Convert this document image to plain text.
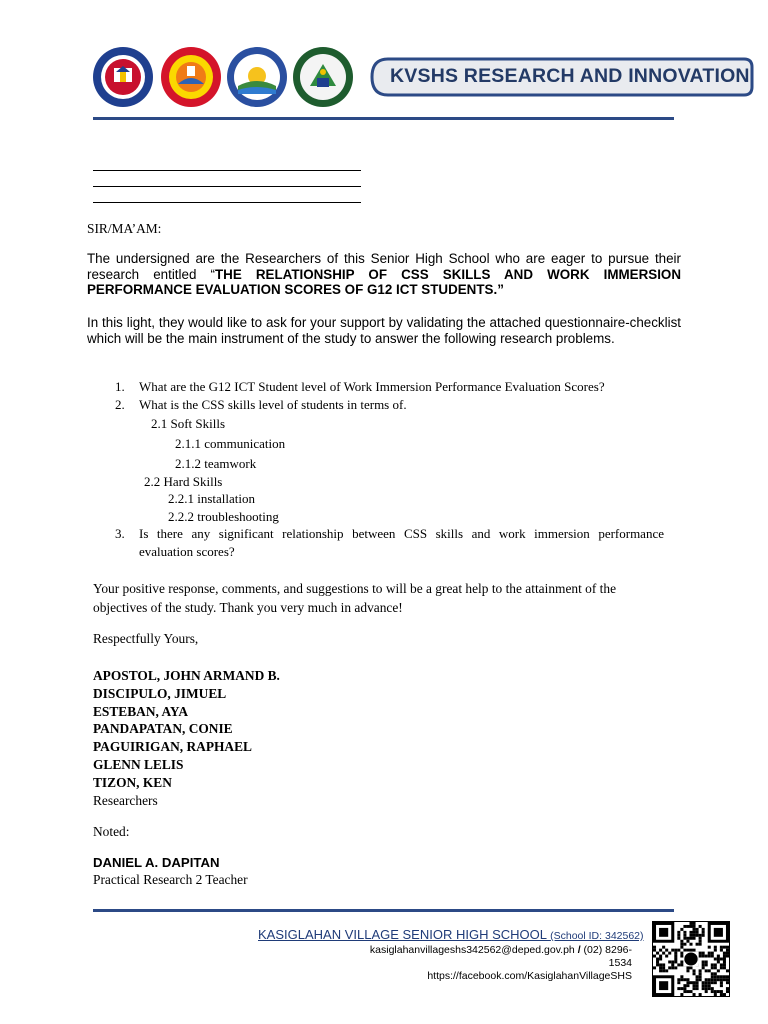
KVSHS RESEARCH AND INNOVATION
SIR/MA’AM:
The undersigned are the Researchers of this Senior High School who are eager to pursue their research entitled “THE RELATIONSHIP OF CSS SKILLS AND WORK IMMERSION PERFORMANCE EVALUATION SCORES OF G12 ICT STUDENTS.”
In this light, they would like to ask for your support by validating the attached questionnaire-checklist which will be the main instrument of the study to answer the following research problems.
1. What are the G12 ICT Student level of Work Immersion Performance Evaluation Scores?
2. What is the CSS skills level of students in terms of.
2.1 Soft Skills
2.1.1 communication
2.1.2 teamwork
2.2 Hard Skills
2.2.1 installation
2.2.2 troubleshooting
3. Is there any significant relationship between CSS skills and work immersion performance
evaluation scores?
Your positive response, comments, and suggestions to will be a great help to the attainment of the objectives of the study. Thank you very much in advance!
Respectfully Yours,
APOSTOL, JOHN ARMAND B.
DISCIPULO, JIMUEL
ESTEBAN, AYA
PANDAPATAN, CONIE
PAGUIRIGAN, RAPHAEL
GLENN LELIS
TIZON, KEN
Researchers
Noted:
DANIEL A. DAPITAN
Practical Research 2 Teacher
KASIGLAHAN VILLAGE SENIOR HIGH SCHOOL (School ID: 342562)
kasiglahanvillageshs342562@deped.gov.ph / (02) 8296-
1534
https://facebook.com/KasiglahanVillageSHS
